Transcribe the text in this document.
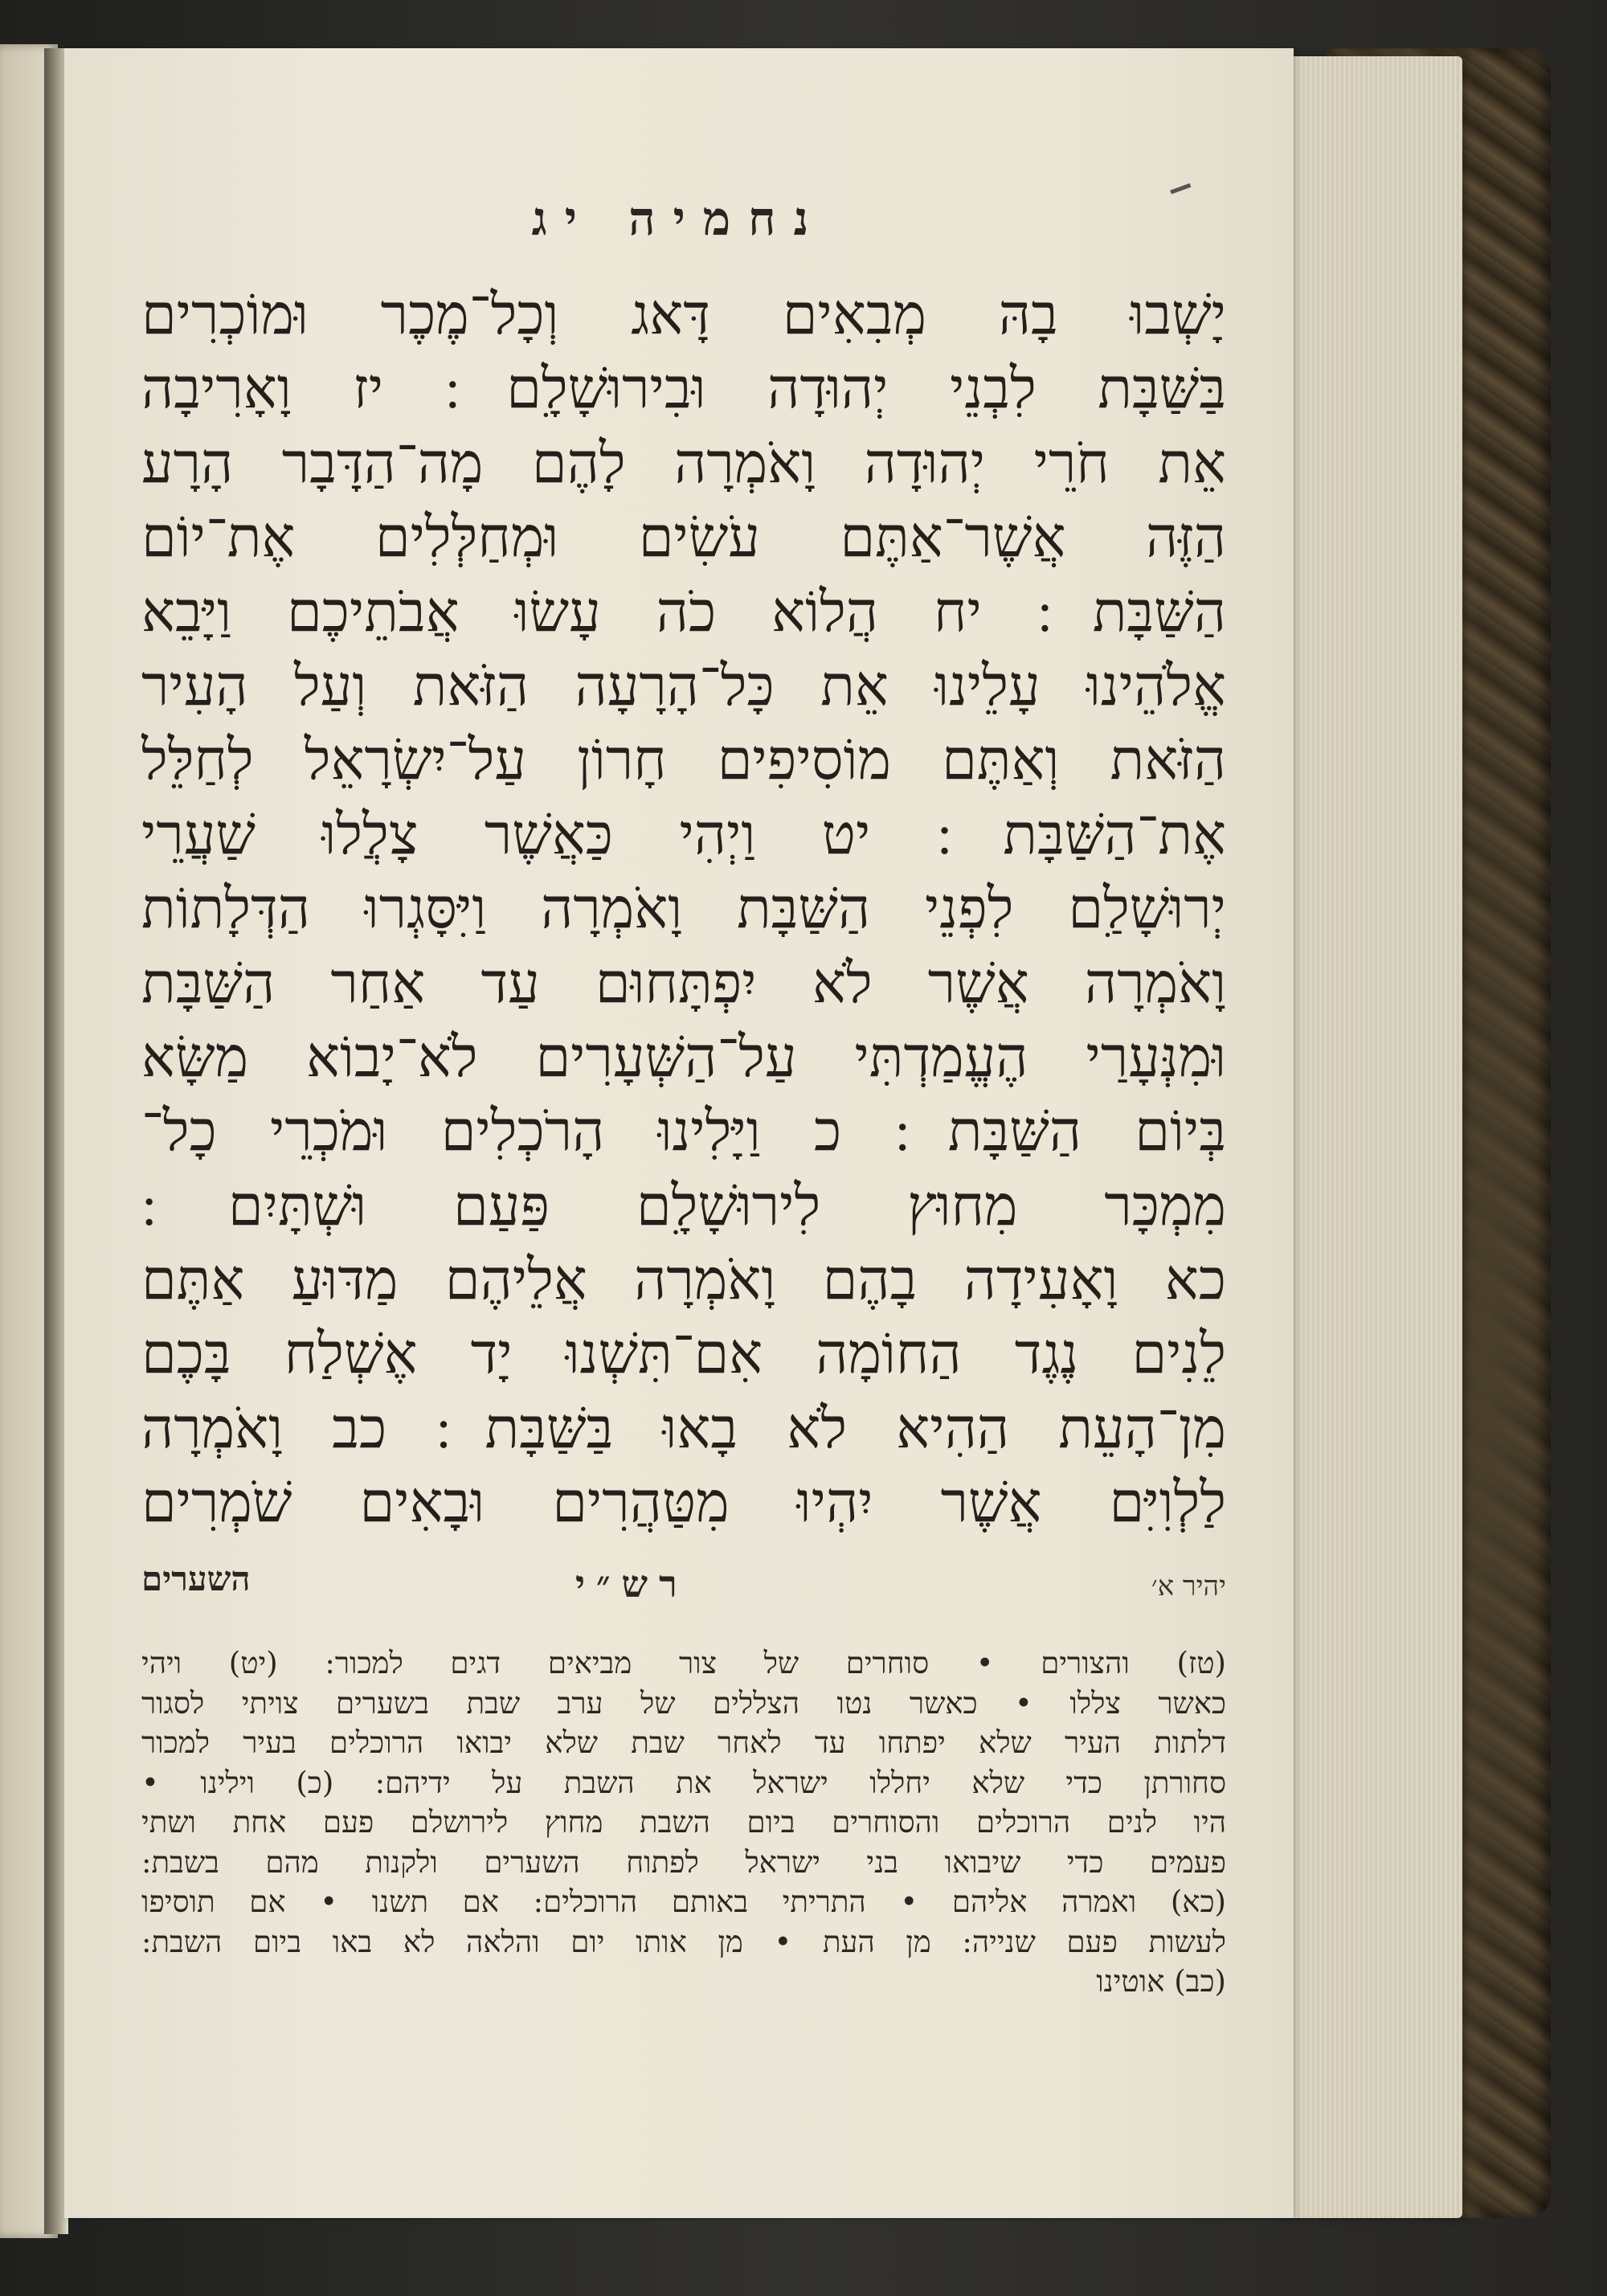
נחמיה יג
יָשְׁבוּ בָהּ מְבִאִים דָּאג וְכָל־מֶכֶר וּמוֹכְרִים
בַּשַּׁבָּת לִבְנֵי יְהוּדָה וּבִירוּשָׁלִָם ׃ יז וָאָרִיבָה
אֵת חֹרֵי יְהוּדָה וָאֹמְרָה לָהֶם מָה־הַדָּבָר הָרָע
הַזֶּה אֲשֶׁר־אַתֶּם עֹשִׂים וּמְחַלְּלִים אֶת־יוֹם
הַשַּׁבָּת ׃ יח הֲלוֹא כֹה עָשׂוּ אֲבֹתֵיכֶם וַיָּבֵא
אֱלֹהֵינוּ עָלֵינוּ אֵת כָּל־הָרָעָה הַזֹּאת וְעַל הָעִיר
הַזֹּאת וְאַתֶּם מוֹסִיפִים חָרוֹן עַל־יִשְׂרָאֵל לְחַלֵּל
אֶת־הַשַּׁבָּת ׃ יט וַיְהִי כַּאֲשֶׁר צָלֲלוּ שַׁעֲרֵי
יְרוּשָׁלִַם לִפְנֵי הַשַּׁבָּת וָאֹמְרָה וַיִּסָּגְרוּ הַדְּלָתוֹת
וָאֹמְרָה אֲשֶׁר לֹא יִפְתָּחוּם עַד אַחַר הַשַּׁבָּת
וּמִנְּעָרַי הֶעֱמַדְתִּי עַל־הַשְּׁעָרִים לֹא־יָבוֹא מַשָּׂא
בְּיוֹם הַשַּׁבָּת ׃ כ וַיָּלִינוּ הָרֹכְלִים וּמֹכְרֵי כָל־
מִמְכָּר מִחוּץ לִירוּשָׁלִָם פַּעַם וּשְׁתָּיִם ׃
כא וָאָעִידָה בָהֶם וָאֹמְרָה אֲלֵיהֶם מַדּוּעַ אַתֶּם
לֵנִים נֶגֶד הַחוֹמָה אִם־תִּשְׁנוּ יָד אֶשְׁלַח בָּכֶם
מִן־הָעֵת הַהִיא לֹא בָאוּ בַּשַּׁבָּת ׃ כב וָאֹמְרָה
לַלְוִיִּם אֲשֶׁר יִהְיוּ מִטַּהֲרִים וּבָאִים שֹׁמְרִים
השערים	רש״י	יהיר א׳
(טז) והצורים • סוחרים של צור מביאים דגים למכור: (יט) ויהי
כאשר צללו • כאשר נטו הצללים של ערב שבת בשערים צויתי לסגור
דלתות העיר שלא יפתחו עד לאחר שבת שלא יבואו הרוכלים בעיר למכור
סחורתן כדי שלא יחללו ישראל את השבת על ידיהם: (כ) וילינו •
היו לנים הרוכלים והסוחרים ביום השבת מחוץ לירושלם פעם אחת ושתי
פעמים כדי שיבואו בני ישראל לפתוח השערים ולקנות מהם בשבת:
(כא) ואמרה אליהם • התריתי באותם הרוכלים: אם תשנו • אם תוסיפו
לעשות פעם שנייה: מן העת • מן אותו יום והלאה לא באו ביום השבת:
(כב) אוטינו
